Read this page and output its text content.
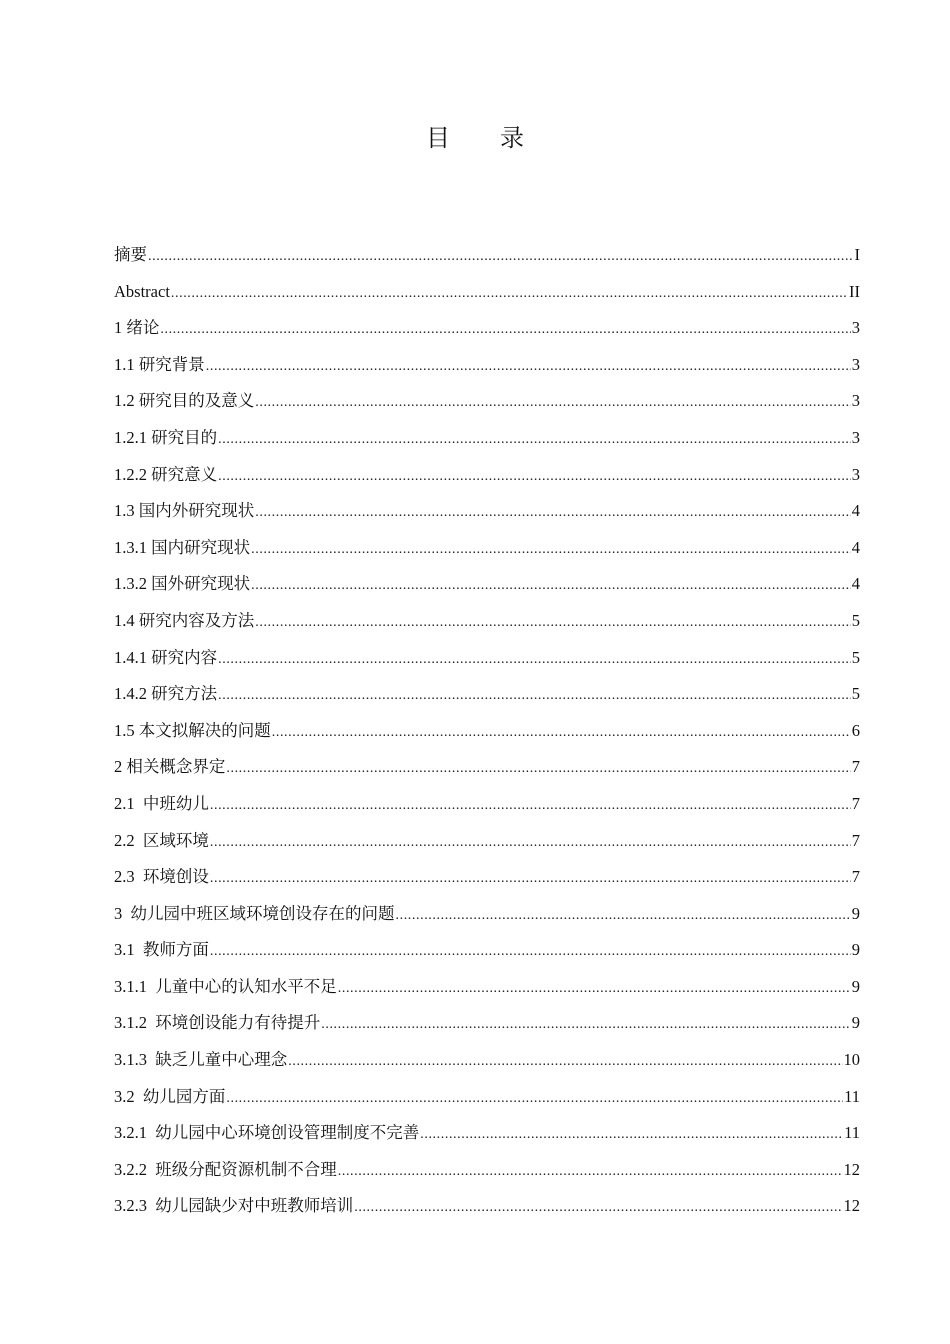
目 录
摘要 .....	I
Abstract .....	II
1 绪论 .....	3
1.1 研究背景 .....	3
1.2 研究目的及意义 .....	3
1.2.1 研究目的 .....	3
1.2.2 研究意义 .....	3
1.3 国内外研究现状 .....	4
1.3.1 国内研究现状 .....	4
1.3.2 国外研究现状 .....	4
1.4 研究内容及方法 .....	5
1.4.1 研究内容 .....	5
1.4.2 研究方法 .....	5
1.5 本文拟解决的问题 .....	6
2 相关概念界定 .....	7
2.1  中班幼儿 .....	7
2.2  区域环境 .....	7
2.3  环境创设 .....	7
3  幼儿园中班区域环境创设存在的问题 .....	9
3.1  教师方面 .....	9
3.1.1  儿童中心的认知水平不足 .....	9
3.1.2  环境创设能力有待提升 .....	9
3.1.3  缺乏儿童中心理念 .....	10
3.2  幼儿园方面 .....	11
3.2.1  幼儿园中心环境创设管理制度不完善 .....	11
3.2.2  班级分配资源机制不合理 .....	12
3.2.3  幼儿园缺少对中班教师培训 .....	12
